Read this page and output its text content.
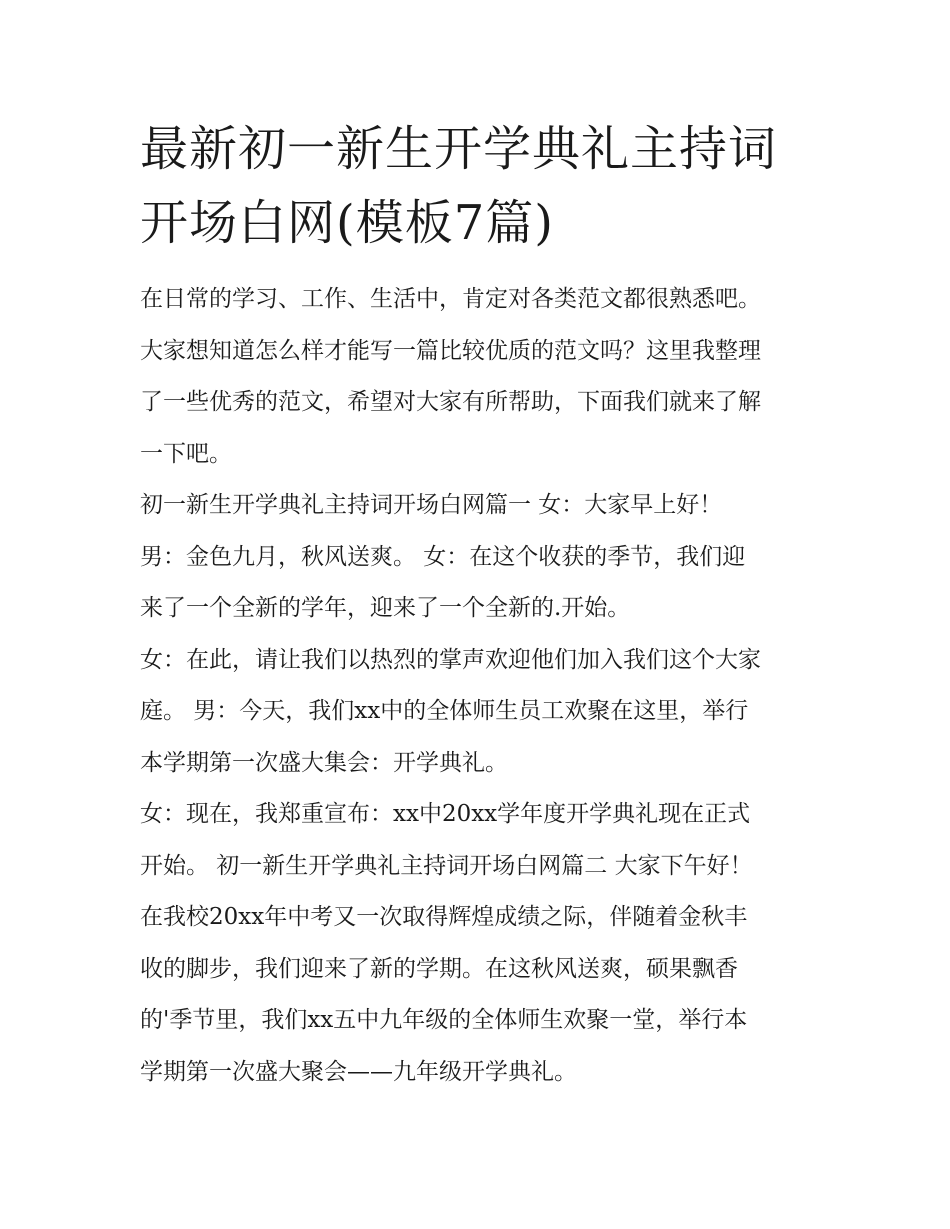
最新初一新生开学典礼主持词
开场白网(模板7篇)
在日常的学习、工作、生活中，肯定对各类范文都很熟悉吧。
大家想知道怎么样才能写一篇比较优质的范文吗？这里我整理
了一些优秀的范文，希望对大家有所帮助，下面我们就来了解
一下吧。
初一新生开学典礼主持词开场白网篇一 女：大家早上好！
男：金色九月，秋风送爽。 女：在这个收获的季节，我们迎
来了一个全新的学年，迎来了一个全新的.开始。
女：在此，请让我们以热烈的掌声欢迎他们加入我们这个大家
庭。 男：今天，我们xx中的全体师生员工欢聚在这里，举行
本学期第一次盛大集会：开学典礼。
女：现在，我郑重宣布：xx中20xx学年度开学典礼现在正式
开始。 初一新生开学典礼主持词开场白网篇二 大家下午好！
在我校20xx年中考又一次取得辉煌成绩之际，伴随着金秋丰
收的脚步，我们迎来了新的学期。在这秋风送爽，硕果飘香
的'季节里，我们xx五中九年级的全体师生欢聚一堂，举行本
学期第一次盛大聚会——九年级开学典礼。
